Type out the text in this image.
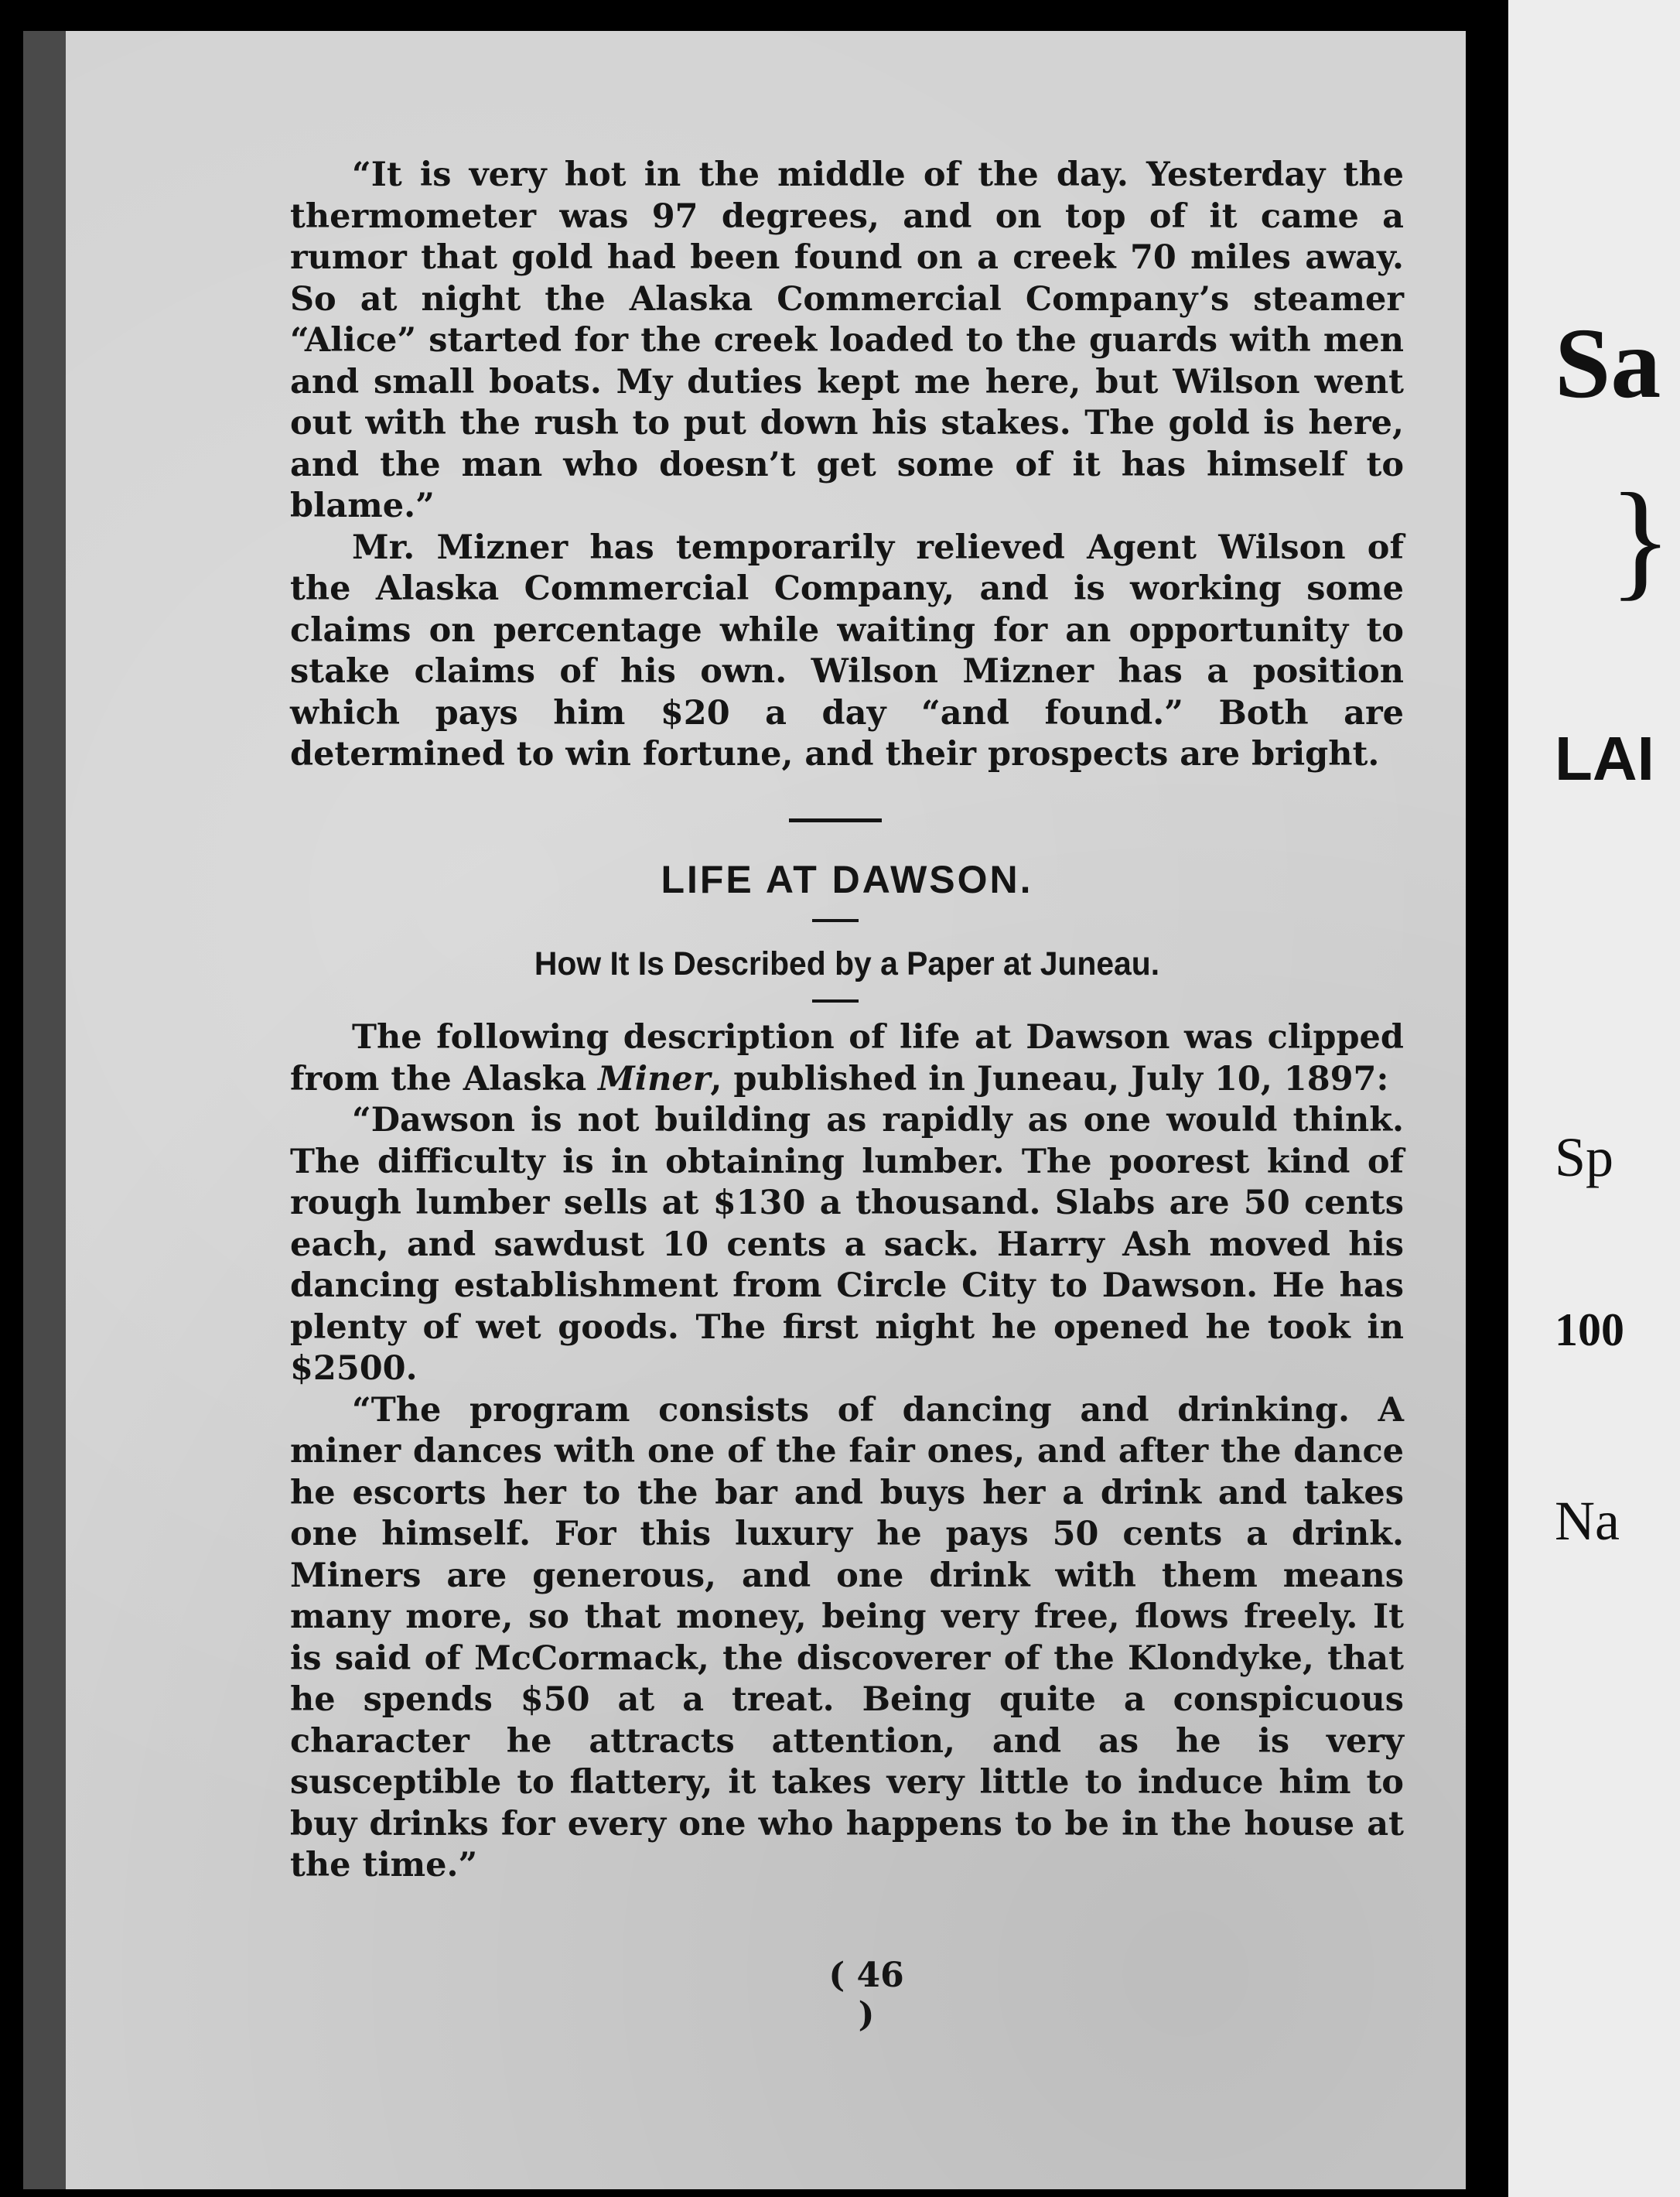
“It is very hot in the middle of the day. Yesterday the thermometer was 97 degrees, and on top of it came a rumor that gold had been found on a creek 70 miles away. So at night the Alaska Commercial Company’s steamer “Alice” started for the creek loaded to the guards with men and small boats. My duties kept me here, but Wilson went out with the rush to put down his stakes. The gold is here, and the man who doesn’t get some of it has himself to blame.”

Mr. Mizner has temporarily relieved Agent Wilson of the Alaska Commercial Company, and is working some claims on percentage while waiting for an opportunity to stake claims of his own. Wilson Mizner has a position which pays him $20 a day “and found.” Both are determined to win fortune, and their prospects are bright.

LIFE AT DAWSON.
How It Is Described by a Paper at Juneau.

The following description of life at Dawson was clipped from the Alaska Miner, published in Juneau, July 10, 1897:

“Dawson is not building as rapidly as one would think. The difficulty is in obtaining lumber. The poorest kind of rough lumber sells at $130 a thousand. Slabs are 50 cents each, and sawdust 10 cents a sack. Harry Ash moved his dancing establishment from Circle City to Dawson. He has plenty of wet goods. The first night he opened he took in $2500.

“The program consists of dancing and drinking. A miner dances with one of the fair ones, and after the dance he escorts her to the bar and buys her a drink and takes one himself. For this luxury he pays 50 cents a drink. Miners are generous, and one drink with them means many more, so that money, being very free, flows freely. It is said of McCormack, the discoverer of the Klondyke, that he spends $50 at a treat. Being quite a conspicuous character he attracts attention, and as he is very susceptible to flattery, it takes very little to induce him to buy drinks for every one who happens to be in the house at the time.”

( 46 )
Sa
}
LAI
Sp
100
Na
